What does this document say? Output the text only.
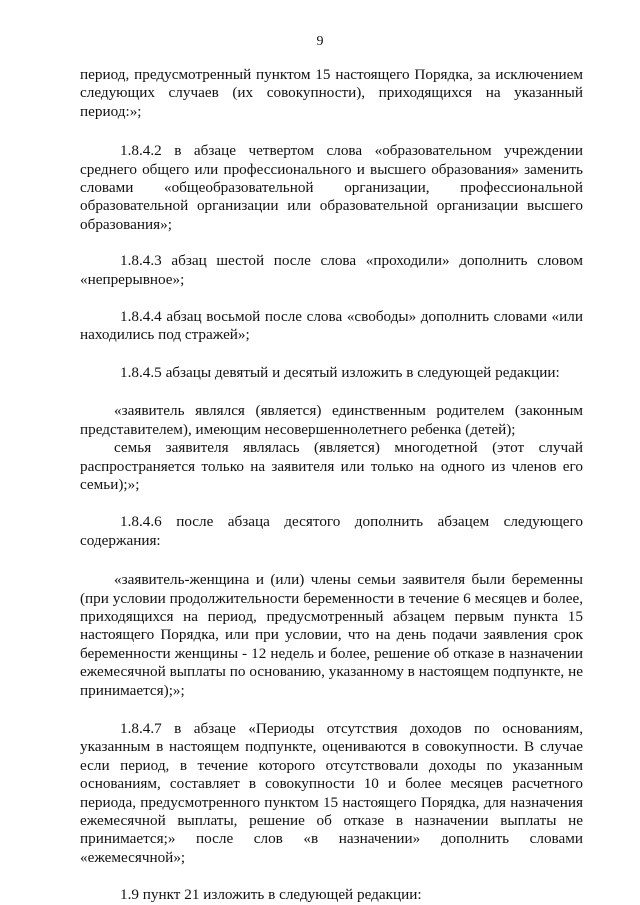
9

период, предусмотренный пунктом 15 настоящего Порядка, за исключением следующих случаев (их совокупности), приходящихся на указанный период:»;

1.8.4.2 в абзаце четвертом слова «образовательном учреждении среднего общего или профессионального и высшего образования» заменить словами «общеобразовательной организации, профессиональной образовательной организации или образовательной организации высшего образования»;

1.8.4.3 абзац шестой после слова «проходили» дополнить словом «непрерывное»;

1.8.4.4 абзац восьмой после слова «свободы» дополнить словами «или находились под стражей»;

1.8.4.5 абзацы девятый и десятый изложить в следующей редакции:

«заявитель являлся (является) единственным родителем (законным представителем), имеющим несовершеннолетнего ребенка (детей);

семья заявителя являлась (является) многодетной (этот случай распространяется только на заявителя или только на одного из членов его семьи);»;

1.8.4.6 после абзаца десятого дополнить абзацем следующего содержания:

«заявитель-женщина и (или) члены семьи заявителя были беременны (при условии продолжительности беременности в течение 6 месяцев и более, приходящихся на период, предусмотренный абзацем первым пункта 15 настоящего Порядка, или при условии, что на день подачи заявления срок беременности женщины - 12 недель и более, решение об отказе в назначении ежемесячной выплаты по основанию, указанному в настоящем подпункте, не принимается);»;

1.8.4.7 в абзаце «Периоды отсутствия доходов по основаниям, указанным в настоящем подпункте, оцениваются в совокупности. В случае если период, в течение которого отсутствовали доходы по указанным основаниям, составляет в совокупности 10 и более месяцев расчетного периода, предусмотренного пунктом 15 настоящего Порядка, для назначения ежемесячной выплаты, решение об отказе в назначении выплаты не принимается;» после слов «в назначении» дополнить словами «ежемесячной»;

1.9 пункт 21 изложить в следующей редакции:
